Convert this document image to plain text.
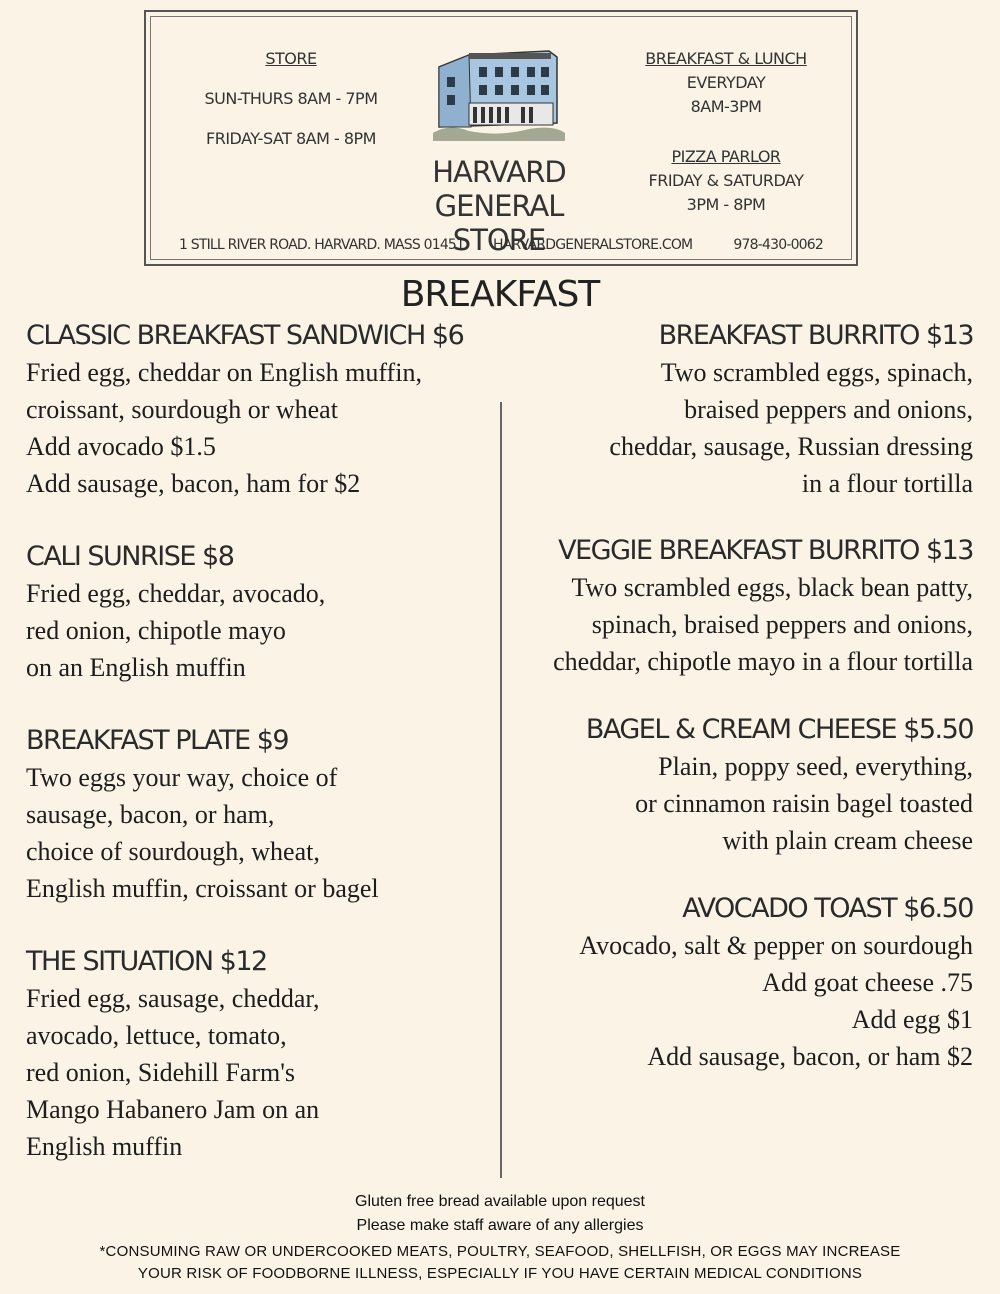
STORE
SUN-THURS 8AM - 7PM
FRIDAY-SAT 8AM - 8PM
HARVARD
GENERAL
STORE
BREAKFAST & LUNCH
EVERYDAY
8AM-3PM
PIZZA PARLOR
FRIDAY & SATURDAY
3PM - 8PM
1 STILL RIVER ROAD. HARVARD. MASS 01451 HARVARDGENERALSTORE.COM	978-430-0062
BREAKFAST
CLASSIC BREAKFAST SANDWICH $6

Fried egg, cheddar on English muffin,

croissant, sourdough or wheat

Add avocado $1.5

Add sausage, bacon, ham for $2

CALI SUNRISE $8

Fried egg, cheddar, avocado,

red onion, chipotle mayo

on an English muffin

BREAKFAST PLATE $9

Two eggs your way, choice of

sausage, bacon, or ham,

choice of sourdough, wheat,

English muffin, croissant or bagel

THE SITUATION $12

Fried egg, sausage, cheddar,

avocado, lettuce, tomato,

red onion, Sidehill Farm's

Mango Habanero Jam on an

English muffin

BREAKFAST BURRITO $13

Two scrambled eggs, spinach,

braised peppers and onions,

cheddar, sausage, Russian dressing

in a flour tortilla

VEGGIE BREAKFAST BURRITO $13

Two scrambled eggs, black bean patty,

spinach, braised peppers and onions,

cheddar, chipotle mayo in a flour tortilla

BAGEL & CREAM CHEESE $5.50

Plain, poppy seed, everything,

or cinnamon raisin bagel toasted

with plain cream cheese

AVOCADO TOAST $6.50

Avocado, salt & pepper on sourdough

Add goat cheese .75

Add egg $1

Add sausage, bacon, or ham $2

Gluten free bread available upon request
Please make staff aware of any allergies
*CONSUMING RAW OR UNDERCOOKED MEATS, POULTRY, SEAFOOD, SHELLFISH, OR EGGS MAY INCREASE
YOUR RISK OF FOODBORNE ILLNESS, ESPECIALLY IF YOU HAVE CERTAIN MEDICAL CONDITIONS
